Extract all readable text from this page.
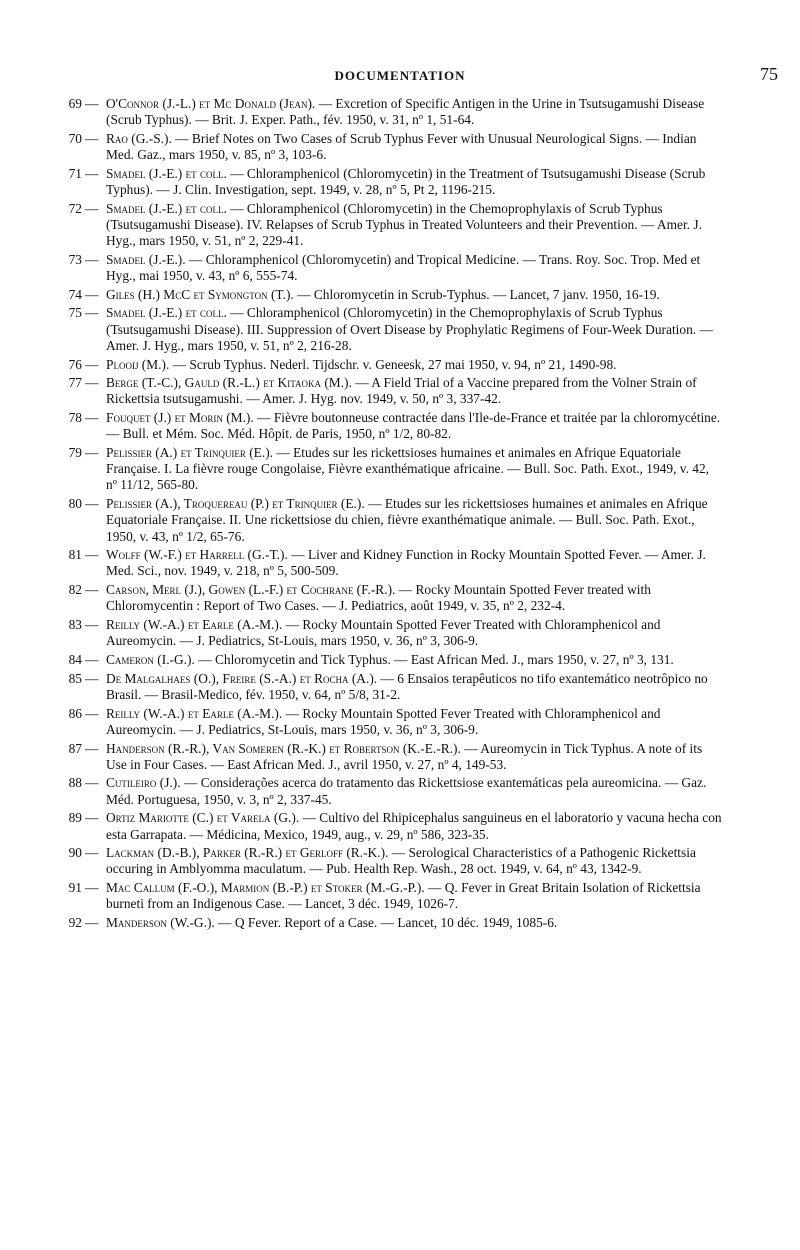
DOCUMENTATION	75
69 — O'Connor (J.-L.) et Mc Donald (Jean). — Excretion of Specific Antigen in the Urine in Tsutsugamushi Disease (Scrub Typhus). — Brit. J. Exper. Path., fév. 1950, v. 31, nº 1, 51-64.
70 — Rao (G.-S.). — Brief Notes on Two Cases of Scrub Typhus Fever with Unusual Neurological Signs. — Indian Med. Gaz., mars 1950, v. 85, nº 3, 103-6.
71 — Smadel (J.-E.) et coll. — Chloramphenicol (Chloromycetin) in the Treatment of Tsutsugamushi Disease (Scrub Typhus). — J. Clin. Investigation, sept. 1949, v. 28, nº 5, Pt 2, 1196-215.
72 — Smadel (J.-E.) et coll. — Chloramphenicol (Chloromycetin) in the Chemoprophylaxis of Scrub Typhus (Tsutsugamushi Disease). IV. Relapses of Scrub Typhus in Treated Volunteers and their Prevention. — Amer. J. Hyg., mars 1950, v. 51, nº 2, 229-41.
73 — Smadel (J.-E.). — Chloramphenicol (Chloromycetin) and Tropical Medicine. — Trans. Roy. Soc. Trop. Med et Hyg., mai 1950, v. 43, nº 6, 555-74.
74 — Giles (H.) McC et Symongton (T.). — Chloromycetin in Scrub-Typhus. — Lancet, 7 janv. 1950, 16-19.
75 — Smadel (J.-E.) et coll. — Chloramphenicol (Chloromycetin) in the Chemoprophylaxis of Scrub Typhus (Tsutsugamushi Disease). III. Suppression of Overt Disease by Prophylatic Regimens of Four-Week Duration. — Amer. J. Hyg., mars 1950, v. 51, nº 2, 216-28.
76 — Plooij (M.). — Scrub Typhus. Nederl. Tijdschr. v. Geneesk, 27 mai 1950, v. 94, nº 21, 1490-98.
77 — Berge (T.-C.), Gauld (R.-L.) et Kitaoka (M.). — A Field Trial of a Vaccine prepared from the Volner Strain of Rickettsia tsutsugamushi. — Amer. J. Hyg. nov. 1949, v. 50, nº 3, 337-42.
78 — Fouquet (J.) et Morin (M.). — Fièvre boutonneuse contractée dans l'Ile-de-France et traitée par la chloromycétine. — Bull. et Mém. Soc. Méd. Hôpit. de Paris, 1950, nº 1/2, 80-82.
79 — Pelissier (A.) et Trinquier (E.). — Etudes sur les rickettsioses humaines et animales en Afrique Equatoriale Française. I. La fièvre rouge Congolaise, Fièvre exanthématique africaine. — Bull. Soc. Path. Exot., 1949, v. 42, nº 11/12, 565-80.
80 — Pelissier (A.), Troquereau (P.) et Trinquier (E.). — Etudes sur les rickettsioses humaines et animales en Afrique Equatoriale Française. II. Une rickettsiose du chien, fièvre exanthématique animale. — Bull. Soc. Path. Exot., 1950, v. 43, nº 1/2, 65-76.
81 — Wolff (W.-F.) et Harrell (G.-T.). — Liver and Kidney Function in Rocky Mountain Spotted Fever. — Amer. J. Med. Sci., nov. 1949, v. 218, nº 5, 500-509.
82 — Carson, Merl (J.), Gowen (L.-F.) et Cochrane (F.-R.). — Rocky Mountain Spotted Fever treated with Chloromycentin : Report of Two Cases. — J. Pediatrics, août 1949, v. 35, nº 2, 232-4.
83 — Reilly (W.-A.) et Earle (A.-M.). — Rocky Mountain Spotted Fever Treated with Chloramphenicol and Aureomycin. — J. Pediatrics, St-Louis, mars 1950, v. 36, nº 3, 306-9.
84 — Cameron (I.-G.). — Chloromycetin and Tick Typhus. — East African Med. J., mars 1950, v. 27, nº 3, 131.
85 — De Malgalhaes (O.), Freire (S.-A.) et Rocha (A.). — 6 Ensaios terapêuticos no tifo exantemático neotrôpico no Brasil. — Brasil-Medico, fév. 1950, v. 64, nº 5/8, 31-2.
86 — Reilly (W.-A.) et Earle (A.-M.). — Rocky Mountain Spotted Fever Treated with Chloramphenicol and Aureomycin. — J. Pediatrics, St-Louis, mars 1950, v. 36, nº 3, 306-9.
87 — Handerson (R.-R.), Van Someren (R.-K.) et Robertson (K.-E.-R.). — Aureomycin in Tick Typhus. A note of its Use in Four Cases. — East African Med. J., avril 1950, v. 27, nº 4, 149-53.
88 — Cutileiro (J.). — Considerações acerca do tratamento das Rickettsiose exantemáticas pela aureomicina. — Gaz. Méd. Portuguesa, 1950, v. 3, nº 2, 337-45.
89 — Ortiz Mariotte (C.) et Varela (G.). — Cultivo del Rhipicephalus sanguineus en el laboratorio y vacuna hecha con esta Garrapata. — Médicina, Mexico, 1949, aug., v. 29, nº 586, 323-35.
90 — Lackman (D.-B.), Parker (R.-R.) et Gerloff (R.-K.). — Serological Characteristics of a Pathogenic Rickettsia occuring in Amblyomma maculatum. — Pub. Health Rep. Wash., 28 oct. 1949, v. 64, nº 43, 1342-9.
91 — Mac Callum (F.-O.), Marmion (B.-P.) et Stoker (M.-G.-P.). — Q. Fever in Great Britain Isolation of Rickettsia burneti from an Indigenous Case. — Lancet, 3 déc. 1949, 1026-7.
92 — Manderson (W.-G.). — Q Fever. Report of a Case. — Lancet, 10 déc. 1949, 1085-6.
